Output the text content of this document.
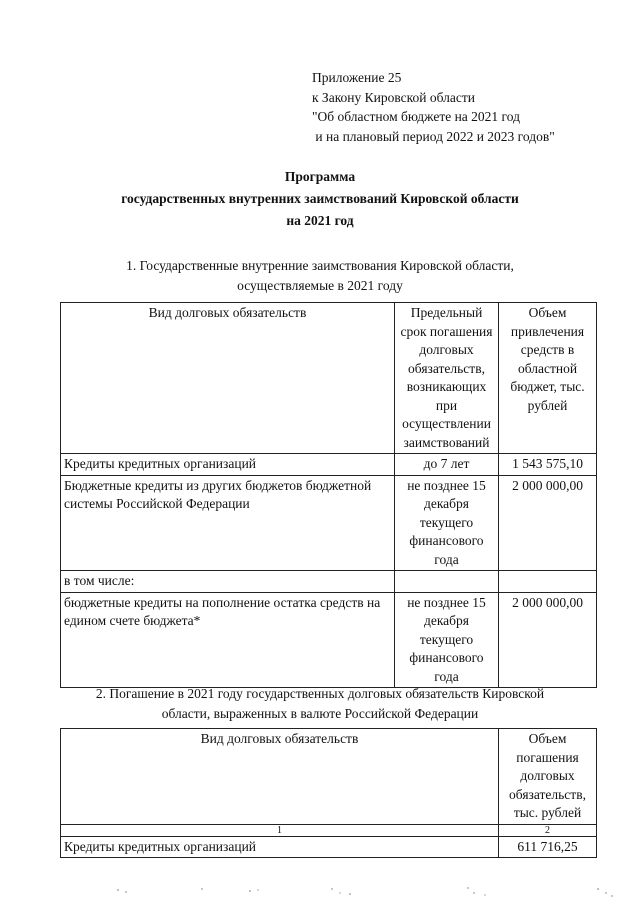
Приложение 25
к Закону Кировской области
"Об областном бюджете на 2021 год
и на плановый период 2022 и 2023 годов"
Программа
государственных внутренних заимствований Кировской области
на 2021 год
1. Государственные внутренние заимствования Кировской области,
осуществляемые в 2021 году
Вид долговых обязательств	Предельный срок погашения долговых обязательств, возникающих при осуществлении заимствований	Объем привлечения средств в областной бюджет, тыс. рублей
Кредиты кредитных организаций	до 7 лет	1 543 575,10
Бюджетные кредиты из других бюджетов бюджетной системы Российской Федерации	не позднее 15 декабря текущего финансового года	2 000 000,00
в том числе:		
бюджетные кредиты на пополнение остатка средств на едином счете бюджета*	не позднее 15 декабря текущего финансового года	2 000 000,00
2. Погашение в 2021 году государственных долговых обязательств Кировской
области, выраженных в валюте Российской Федерации
Вид долговых обязательств	Объем погашения долговых обязательств, тыс. рублей
1	2
Кредиты кредитных организаций	611 716,25
